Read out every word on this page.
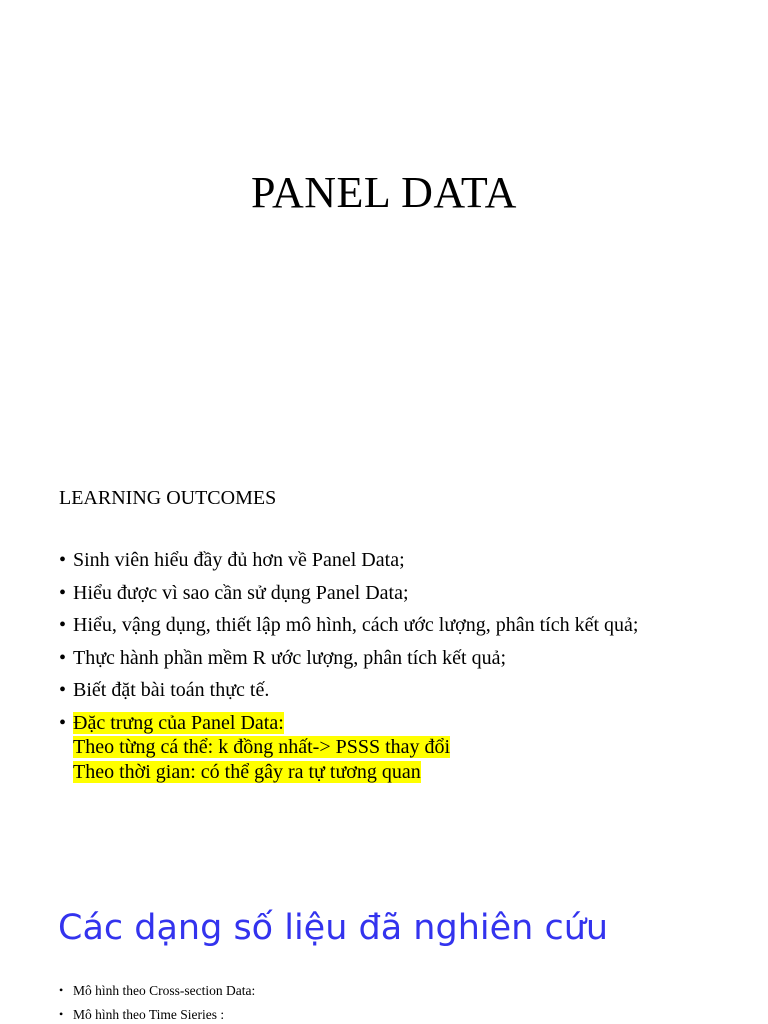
PANEL DATA
LEARNING OUTCOMES
• Sinh viên hiểu đầy đủ hơn về Panel Data;
• Hiểu được vì sao cần sử dụng Panel Data;
• Hiểu, vậng dụng, thiết lập mô hình, cách ước lượng, phân tích kết quả;
• Thực hành phần mềm R ước lượng, phân tích kết quả;
• Biết đặt bài toán thực tế.
• Đặc trưng của Panel Data:
Theo từng cá thể: k đồng nhất-> PSSS thay đổi
Theo thời gian: có thể gây ra tự tương quan
Các dạng số liệu đã nghiên cứu
• Mô hình theo Cross-section Data:
• Mô hình theo Time Sieries :
